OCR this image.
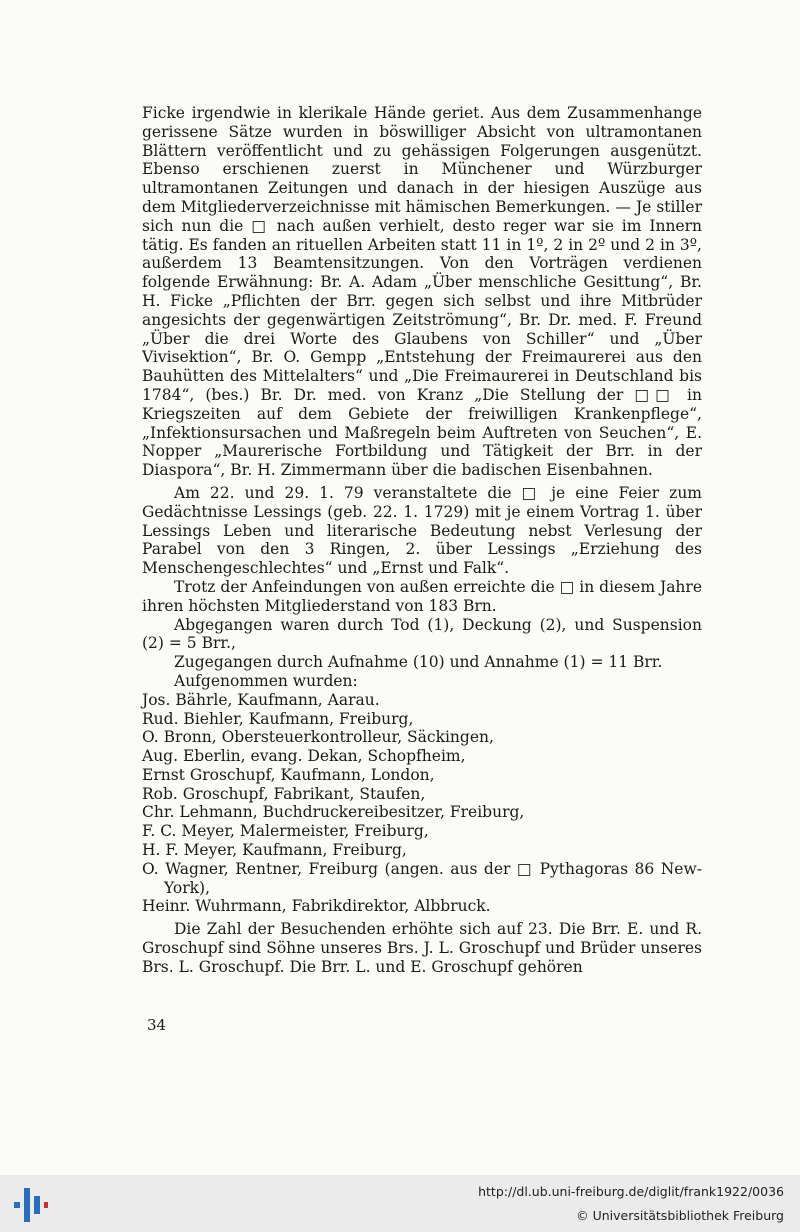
Ficke irgendwie in klerikale Hände geriet. Aus dem Zusammenhange gerissene Sätze wurden in böswilliger Absicht von ultramontanen Blättern veröffentlicht und zu gehässigen Folgerungen ausgenützt. Ebenso erschienen zuerst in Münchener und Würzburger ultramontanen Zeitungen und danach in der hiesigen Auszüge aus dem Mitgliederverzeichnisse mit hämischen Bemerkungen. — Je stiller sich nun die □ nach außen verhielt, desto reger war sie im Innern tätig. Es fanden an rituellen Arbeiten statt 11 in 1º, 2 in 2º und 2 in 3º, außerdem 13 Beamtensitzungen. Von den Vorträgen verdienen folgende Erwähnung: Br. A. Adam „Über menschliche Gesittung“, Br. H. Ficke „Pflichten der Brr. gegen sich selbst und ihre Mitbrüder angesichts der gegenwärtigen Zeitströmung“, Br. Dr. med. F. Freund „Über die drei Worte des Glaubens von Schiller“ und „Über Vivisektion“, Br. O. Gempp „Entstehung der Freimaurerei aus den Bauhütten des Mittelalters“ und „Die Freimaurerei in Deutschland bis 1784“, (bes.) Br. Dr. med. von Kranz „Die Stellung der □□ in Kriegszeiten auf dem Gebiete der freiwilligen Krankenpflege“, „Infektionsursachen und Maßregeln beim Auftreten von Seuchen“, E. Nopper „Maurerische Fortbildung und Tätigkeit der Brr. in der Diaspora“, Br. H. Zimmermann über die badischen Eisenbahnen.

Am 22. und 29. 1. 79 veranstaltete die □ je eine Feier zum Gedächtnisse Lessings (geb. 22. 1. 1729) mit je einem Vortrag 1. über Lessings Leben und literarische Bedeutung nebst Verlesung der Parabel von den 3 Ringen, 2. über Lessings „Erziehung des Menschengeschlechtes“ und „Ernst und Falk“.

Trotz der Anfeindungen von außen erreichte die □ in diesem Jahre ihren höchsten Mitgliederstand von 183 Brn.

Abgegangen waren durch Tod (1), Deckung (2), und Suspension (2) = 5 Brr.,

Zugegangen durch Aufnahme (10) und Annahme (1) = 11 Brr.

Aufgenommen wurden:

Jos. Bährle, Kaufmann, Aarau.

Rud. Biehler, Kaufmann, Freiburg,

O. Bronn, Obersteuerkontrolleur, Säckingen,

Aug. Eberlin, evang. Dekan, Schopfheim,

Ernst Groschupf, Kaufmann, London,

Rob. Groschupf, Fabrikant, Staufen,

Chr. Lehmann, Buchdruckereibesitzer, Freiburg,

F. C. Meyer, Malermeister, Freiburg,

H. F. Meyer, Kaufmann, Freiburg,

O. Wagner, Rentner, Freiburg (angen. aus der □ Pythagoras 86 New-York),

Heinr. Wuhrmann, Fabrikdirektor, Albbruck.

Die Zahl der Besuchenden erhöhte sich auf 23. Die Brr. E. und R. Groschupf sind Söhne unseres Brs. J. L. Groschupf und Brüder unseres Brs. L. Groschupf. Die Brr. L. und E. Groschupf gehören

34
http://dl.ub.uni-freiburg.de/diglit/frank1922/0036
© Universitätsbibliothek Freiburg
